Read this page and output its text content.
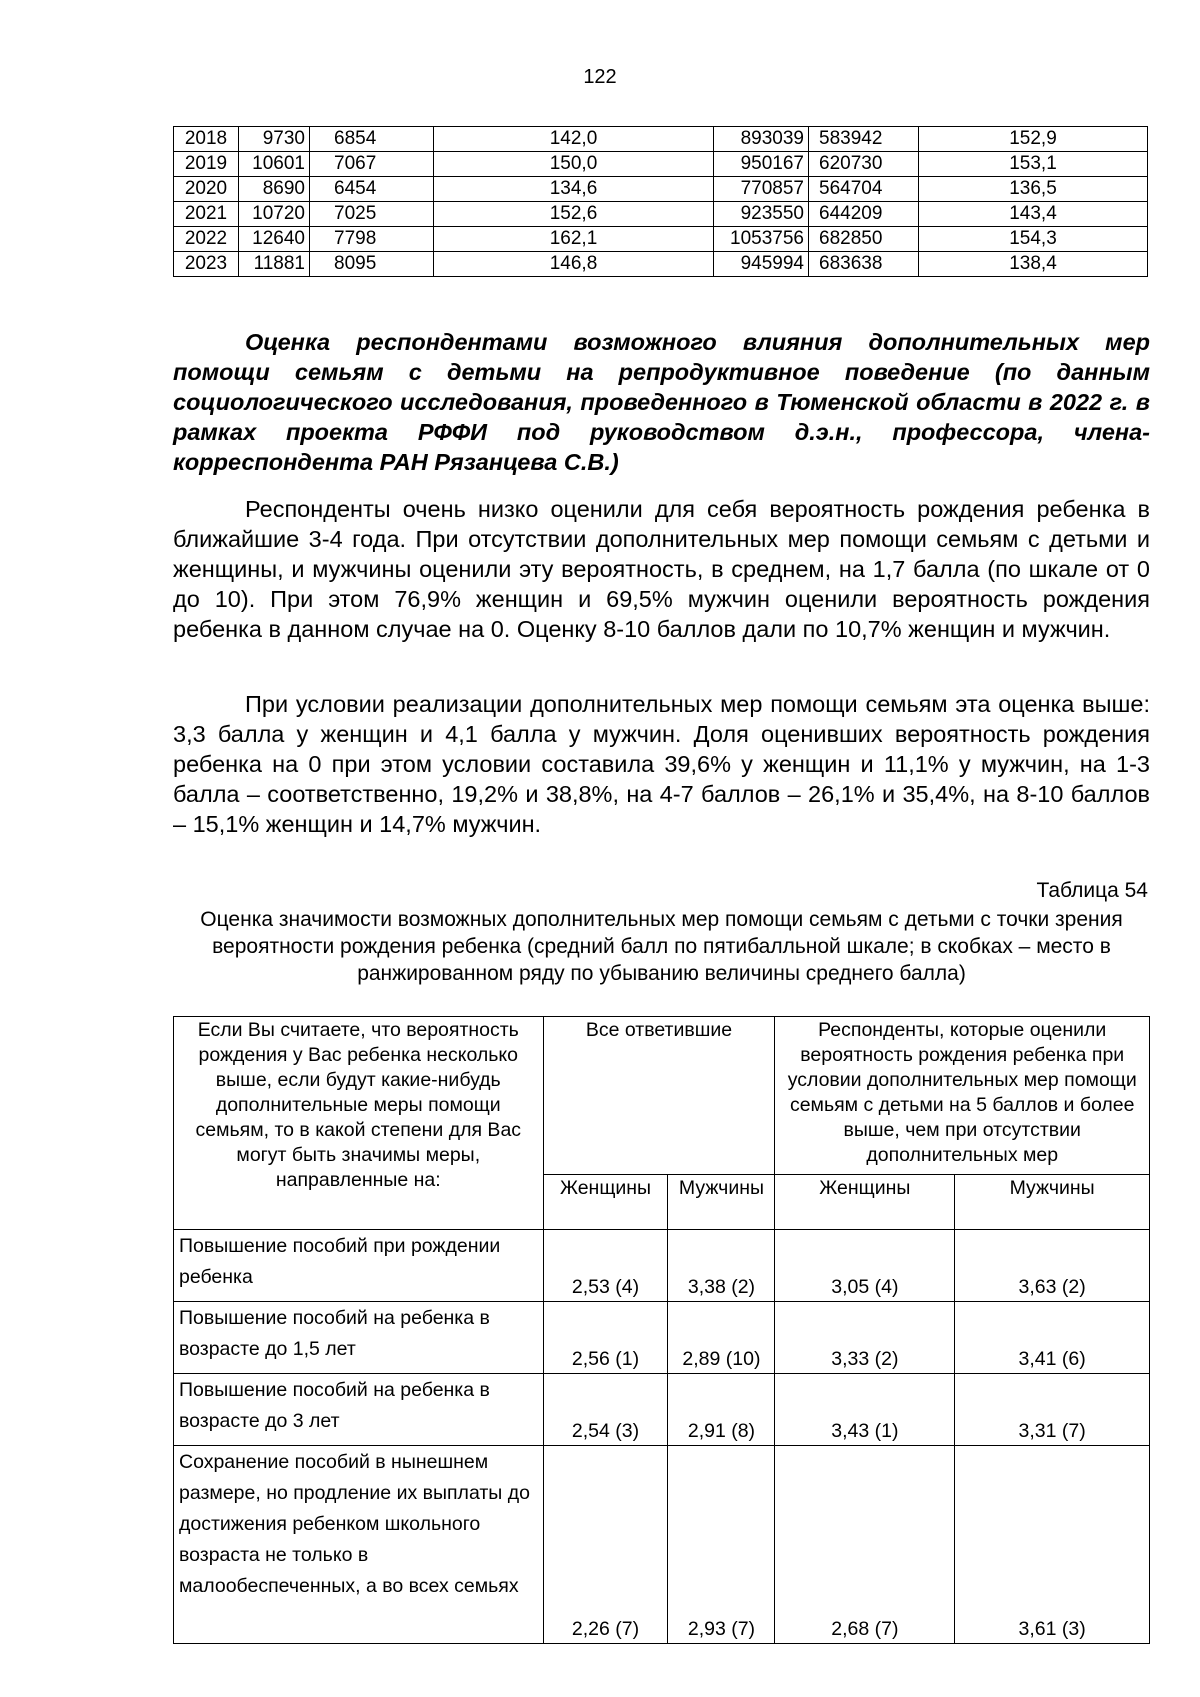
122
2018	9730	6854	142,0	893039	583942	152,9
2019	10601	7067	150,0	950167	620730	153,1
2020	8690	6454	134,6	770857	564704	136,5
2021	10720	7025	152,6	923550	644209	143,4
2022	12640	7798	162,1	1053756	682850	154,3
2023	11881	8095	146,8	945994	683638	138,4

Оценка респондентами возможного влияния дополнительных мер помощи семьям с детьми на репродуктивное поведение (по данным социологического исследования, проведенного в Тюменской области в 2022 г. в рамках проекта РФФИ под руководством д.э.н., профессора, члена-корреспондента РАН Рязанцева С.В.)

Респонденты очень низко оценили для себя вероятность рождения ребенка в ближайшие 3-4 года. При отсутствии дополнительных мер помощи семьям с детьми и женщины, и мужчины оценили эту вероятность, в среднем, на 1,7 балла (по шкале от 0 до 10). При этом 76,9% женщин и 69,5% мужчин оценили вероятность рождения ребенка в данном случае на 0. Оценку 8-10 баллов дали по 10,7% женщин и мужчин.

При условии реализации дополнительных мер помощи семьям эта оценка выше: 3,3 балла у женщин и 4,1 балла у мужчин. Доля оценивших вероятность рождения ребенка на 0 при этом условии составила 39,6% у женщин и 11,1% у мужчин, на 1-3 балла – соответственно, 19,2% и 38,8%, на 4-7 баллов – 26,1% и 35,4%, на 8-10 баллов – 15,1% женщин и 14,7% мужчин.

Таблица 54

Оценка значимости возможных дополнительных мер помощи семьям с детьми с точки зрения вероятности рождения ребенка (средний балл по пятибалльной шкале; в скобках – место в ранжированном ряду по убыванию величины среднего балла)

Если Вы считаете, что вероятность рождения у Вас ребенка несколько выше, если будут какие-нибудь дополнительные меры помощи семьям, то в какой степени для Вас могут быть значимы меры, направленные на:	Все ответившие		Респонденты, которые оценили вероятность рождения ребенка при условии дополнительных мер помощи семьям с детьми на 5 баллов и более выше, чем при отсутствии дополнительных мер	
	Женщины	Мужчины	Женщины	Мужчины
Повышение пособий при рождении ребенка	2,53 (4)	3,38 (2)	3,05 (4)	3,63 (2)
Повышение пособий на ребенка в возрасте до 1,5 лет	2,56 (1)	2,89 (10)	3,33 (2)	3,41 (6)
Повышение пособий на ребенка в возрасте до 3 лет	2,54 (3)	2,91 (8)	3,43 (1)	3,31 (7)
Сохранение пособий в нынешнем размере, но продление их выплаты до достижения ребенком школьного возраста не только в малообеспеченных, а во всех семьях	2,26 (7)	2,93 (7)	2,68 (7)	3,61 (3)
